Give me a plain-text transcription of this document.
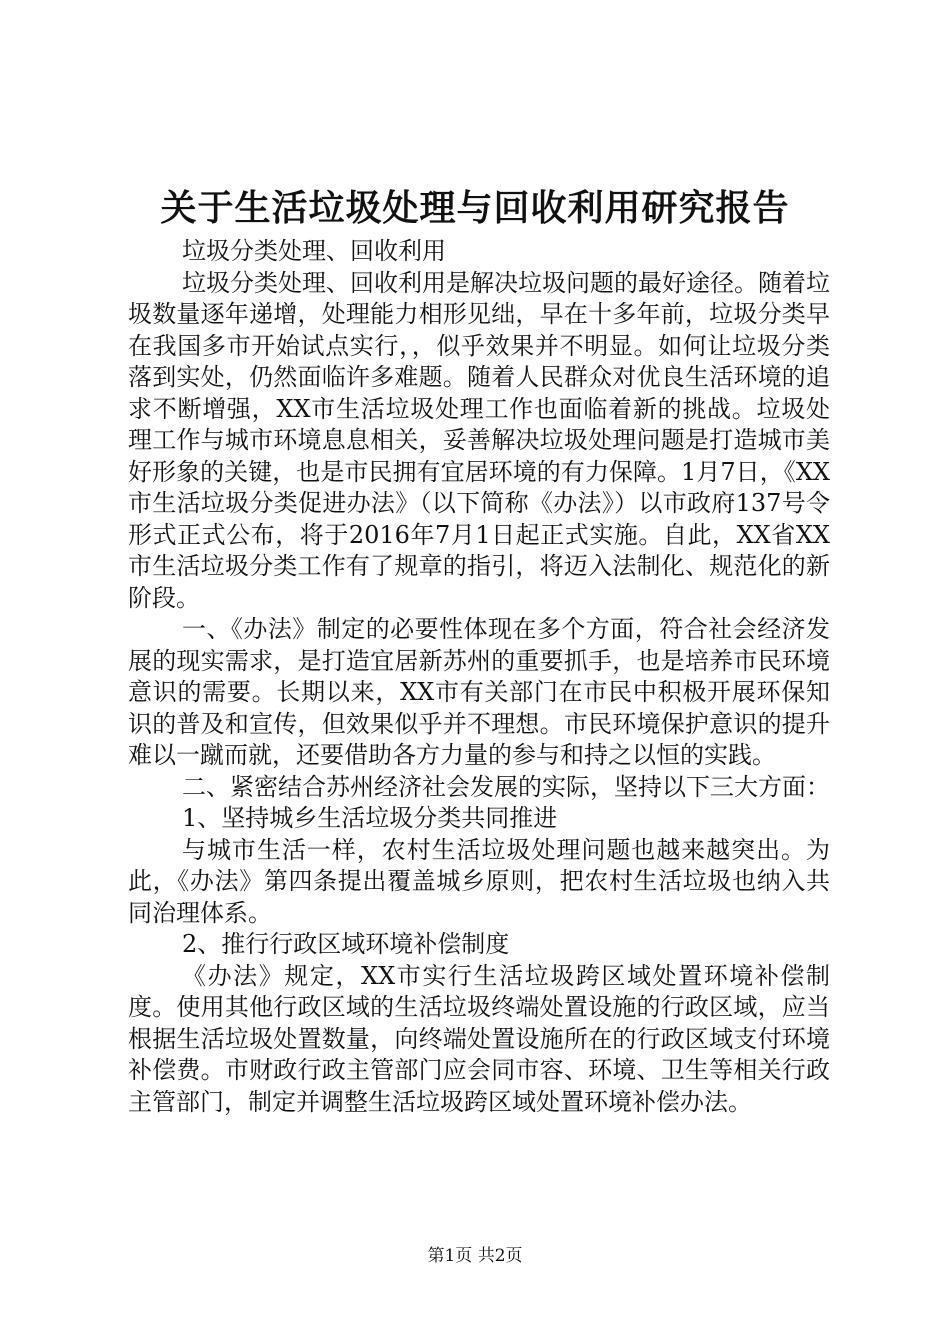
关于生活垃圾处理与回收利用研究报告

垃圾分类处理、回收利用

垃圾分类处理、回收利用是解决垃圾问题的最好途径。随着垃圾数量逐年递增，处理能力相形见绌，早在十多年前，垃圾分类早在我国多市开始试点实行，，似乎效果并不明显。如何让垃圾分类落到实处，仍然面临许多难题。随着人民群众对优良生活环境的追求不断增强，XX市生活垃圾处理工作也面临着新的挑战。垃圾处理工作与城市环境息息相关，妥善解决垃圾处理问题是打造城市美好形象的关键，也是市民拥有宜居环境的有力保障。1月7日，《XX市生活垃圾分类促进办法》（以下简称《办法》）以市政府137号令形式正式公布，将于2016年7月1日起正式实施。自此，XX省XX市生活垃圾分类工作有了规章的指引，将迈入法制化、规范化的新阶段。

一、《办法》制定的必要性体现在多个方面，符合社会经济发展的现实需求，是打造宜居新苏州的重要抓手，也是培养市民环境意识的需要。长期以来，XX市有关部门在市民中积极开展环保知识的普及和宣传，但效果似乎并不理想。市民环境保护意识的提升难以一蹴而就，还要借助各方力量的参与和持之以恒的实践。

二、紧密结合苏州经济社会发展的实际，坚持以下三大方面：

1、坚持城乡生活垃圾分类共同推进

与城市生活一样，农村生活垃圾处理问题也越来越突出。为此，《办法》第四条提出覆盖城乡原则，把农村生活垃圾也纳入共同治理体系。

2、推行行政区域环境补偿制度

《办法》规定，XX市实行生活垃圾跨区域处置环境补偿制度。使用其他行政区域的生活垃圾终端处置设施的行政区域，应当根据生活垃圾处置数量，向终端处置设施所在的行政区域支付环境补偿费。市财政行政主管部门应会同市容、环境、卫生等相关行政主管部门，制定并调整生活垃圾跨区域处置环境补偿办法。

第1页 共2页
